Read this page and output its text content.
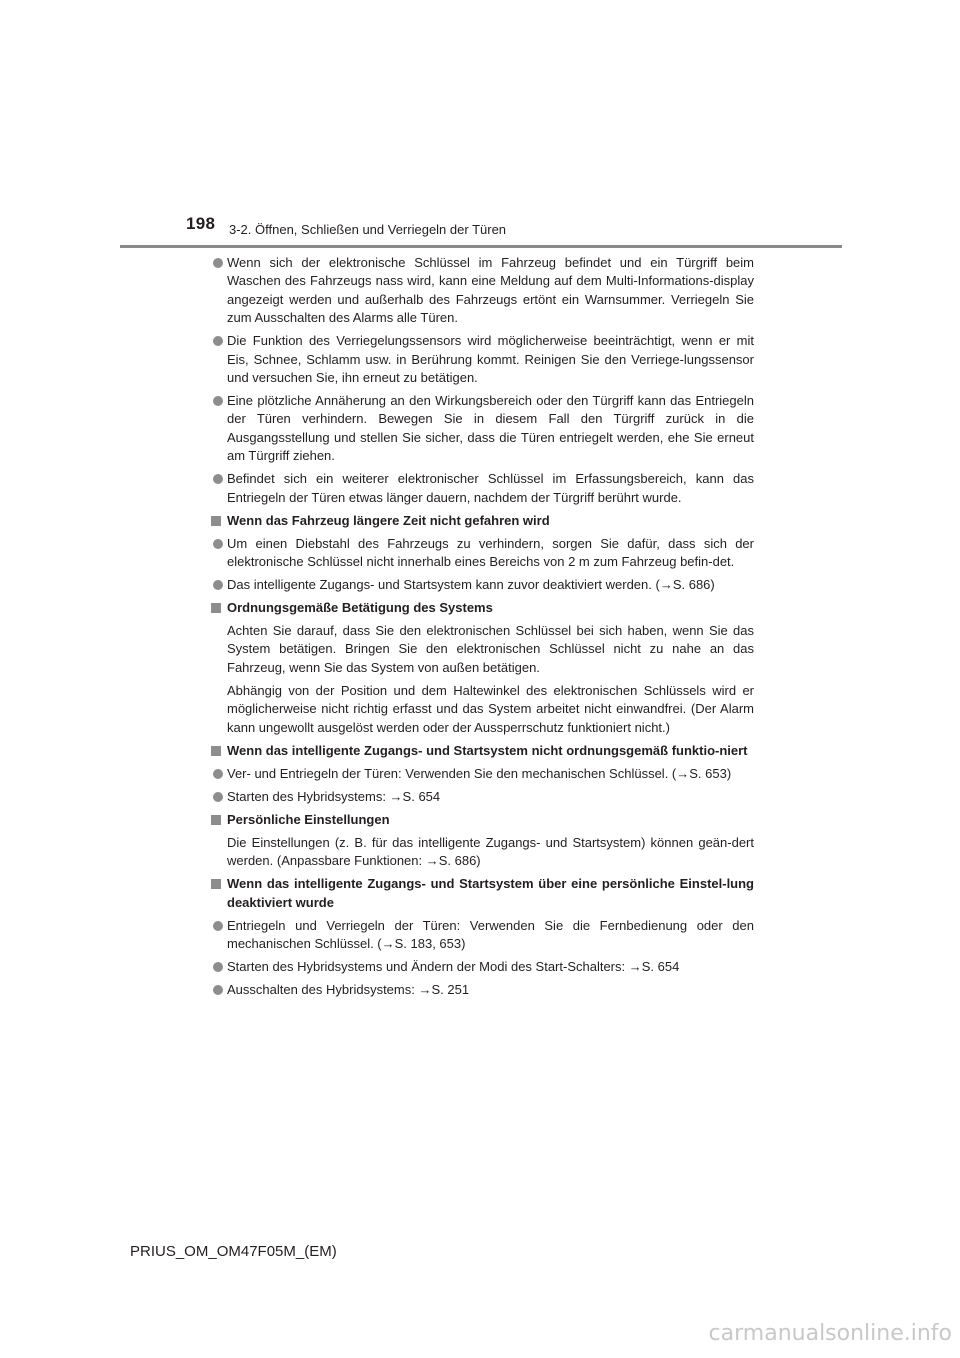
198 3-2. Öffnen, Schließen und Verriegeln der Türen
Wenn sich der elektronische Schlüssel im Fahrzeug befindet und ein Türgriff beim Waschen des Fahrzeugs nass wird, kann eine Meldung auf dem Multi-Informations-display angezeigt werden und außerhalb des Fahrzeugs ertönt ein Warnsummer. Verriegeln Sie zum Ausschalten des Alarms alle Türen.
Die Funktion des Verriegelungssensors wird möglicherweise beeinträchtigt, wenn er mit Eis, Schnee, Schlamm usw. in Berührung kommt. Reinigen Sie den Verriege-lungssensor und versuchen Sie, ihn erneut zu betätigen.
Eine plötzliche Annäherung an den Wirkungsbereich oder den Türgriff kann das Entriegeln der Türen verhindern. Bewegen Sie in diesem Fall den Türgriff zurück in die Ausgangsstellung und stellen Sie sicher, dass die Türen entriegelt werden, ehe Sie erneut am Türgriff ziehen.
Befindet sich ein weiterer elektronischer Schlüssel im Erfassungsbereich, kann das Entriegeln der Türen etwas länger dauern, nachdem der Türgriff berührt wurde.
Wenn das Fahrzeug längere Zeit nicht gefahren wird
Um einen Diebstahl des Fahrzeugs zu verhindern, sorgen Sie dafür, dass sich der elektronische Schlüssel nicht innerhalb eines Bereichs von 2 m zum Fahrzeug befin-det.
Das intelligente Zugangs- und Startsystem kann zuvor deaktiviert werden. (→S. 686)
Ordnungsgemäße Betätigung des Systems
Achten Sie darauf, dass Sie den elektronischen Schlüssel bei sich haben, wenn Sie das System betätigen. Bringen Sie den elektronischen Schlüssel nicht zu nahe an das Fahrzeug, wenn Sie das System von außen betätigen.
Abhängig von der Position und dem Haltewinkel des elektronischen Schlüssels wird er möglicherweise nicht richtig erfasst und das System arbeitet nicht einwandfrei. (Der Alarm kann ungewollt ausgelöst werden oder der Aussperrschutz funktioniert nicht.)
Wenn das intelligente Zugangs- und Startsystem nicht ordnungsgemäß funktio-niert
Ver- und Entriegeln der Türen: Verwenden Sie den mechanischen Schlüssel. (→S. 653)
Starten des Hybridsystems: →S. 654
Persönliche Einstellungen
Die Einstellungen (z. B. für das intelligente Zugangs- und Startsystem) können geän-dert werden. (Anpassbare Funktionen: →S. 686)
Wenn das intelligente Zugangs- und Startsystem über eine persönliche Einstel-lung deaktiviert wurde
Entriegeln und Verriegeln der Türen: Verwenden Sie die Fernbedienung oder den mechanischen Schlüssel. (→S. 183, 653)
Starten des Hybridsystems und Ändern der Modi des Start-Schalters: →S. 654
Ausschalten des Hybridsystems: →S. 251
PRIUS_OM_OM47F05M_(EM)
carmanualsonline.info
